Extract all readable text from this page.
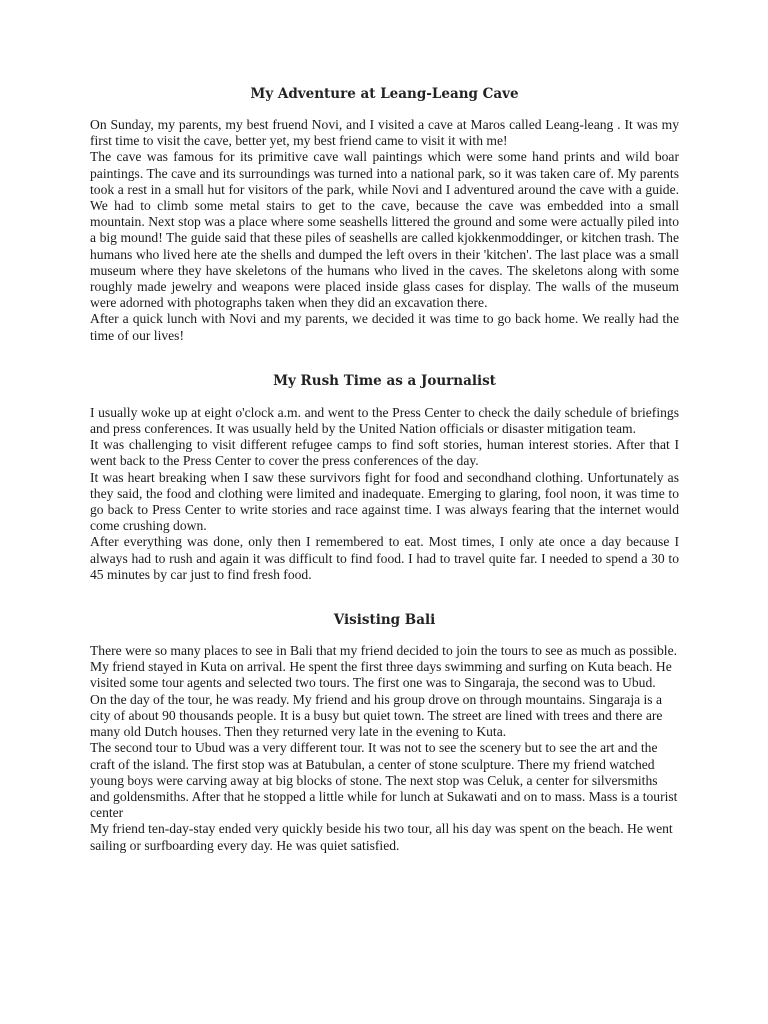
My Adventure at Leang-Leang Cave

On Sunday, my parents, my best fruend Novi, and I visited a cave at Maros called Leang-leang . It was my first time to visit the cave, better yet, my best friend came to visit it with me!

The cave was famous for its primitive cave wall paintings which were some hand prints and wild boar paintings. The cave and its surroundings was turned into a national park, so it was taken care of. My parents took a rest in a small hut for visitors of the park, while Novi and I adventured around the cave with a guide. We had to climb some metal stairs to get to the cave, because the cave was embedded into a small mountain. Next stop was a place where some seashells littered the ground and some were actually piled into a big mound! The guide said that these piles of seashells are called kjokkenmoddinger, or kitchen trash. The humans who lived here ate the shells and dumped the left overs in their 'kitchen'. The last place was a small museum where they have skeletons of the humans who lived in the caves. The skeletons along with some roughly made jewelry and weapons were placed inside glass cases for display. The walls of the museum were adorned with photographs taken when they did an excavation there.

After a quick lunch with Novi and my parents, we decided it was time to go back home. We really had the time of our lives!

My Rush Time as a Journalist

I usually woke up at eight o'clock a.m. and went to the Press Center to check the daily schedule of briefings and press conferences. It was usually held by the United Nation officials or disaster mitigation team.

It was challenging to visit different refugee camps to find soft stories, human interest stories. After that I went back to the Press Center to cover the press conferences of the day.

It was heart breaking when I saw these survivors fight for food and secondhand clothing. Unfortunately as they said, the food and clothing were limited and inadequate. Emerging to glaring, fool noon, it was time to go back to Press Center to write stories and race against time. I was always fearing that the internet would come crushing down.

After everything was done, only then I remembered to eat. Most times, I only ate once a day because I always had to rush and again it was difficult to find food. I had to travel quite far. I needed to spend a 30 to 45 minutes by car just to find fresh food.

Visisting Bali

There were so many places to see in Bali that my friend decided to join the tours to see as much as possible. My friend stayed in Kuta on arrival. He spent the first three days swimming and surfing on Kuta beach. He visited some tour agents and selected two tours. The first one was to Singaraja, the second was to Ubud.

On the day of the tour, he was ready. My friend and his group drove on through mountains. Singaraja is a city of about 90 thousands people. It is a busy but quiet town. The street are lined with trees and there are many old Dutch houses. Then they returned very late in the evening to Kuta.

The second tour to Ubud was a very different tour. It was not to see the scenery but to see the art and the craft of the island. The first stop was at Batubulan, a center of stone sculpture. There my friend watched young boys were carving away at big blocks of stone. The next stop was Celuk, a center for silversmiths and goldensmiths. After that he stopped a little while for lunch at Sukawati and on to mass. Mass is a tourist center

My friend ten-day-stay ended very quickly beside his two tour, all his day was spent on the beach. He went sailing or surfboarding every day. He was quiet satisfied.
